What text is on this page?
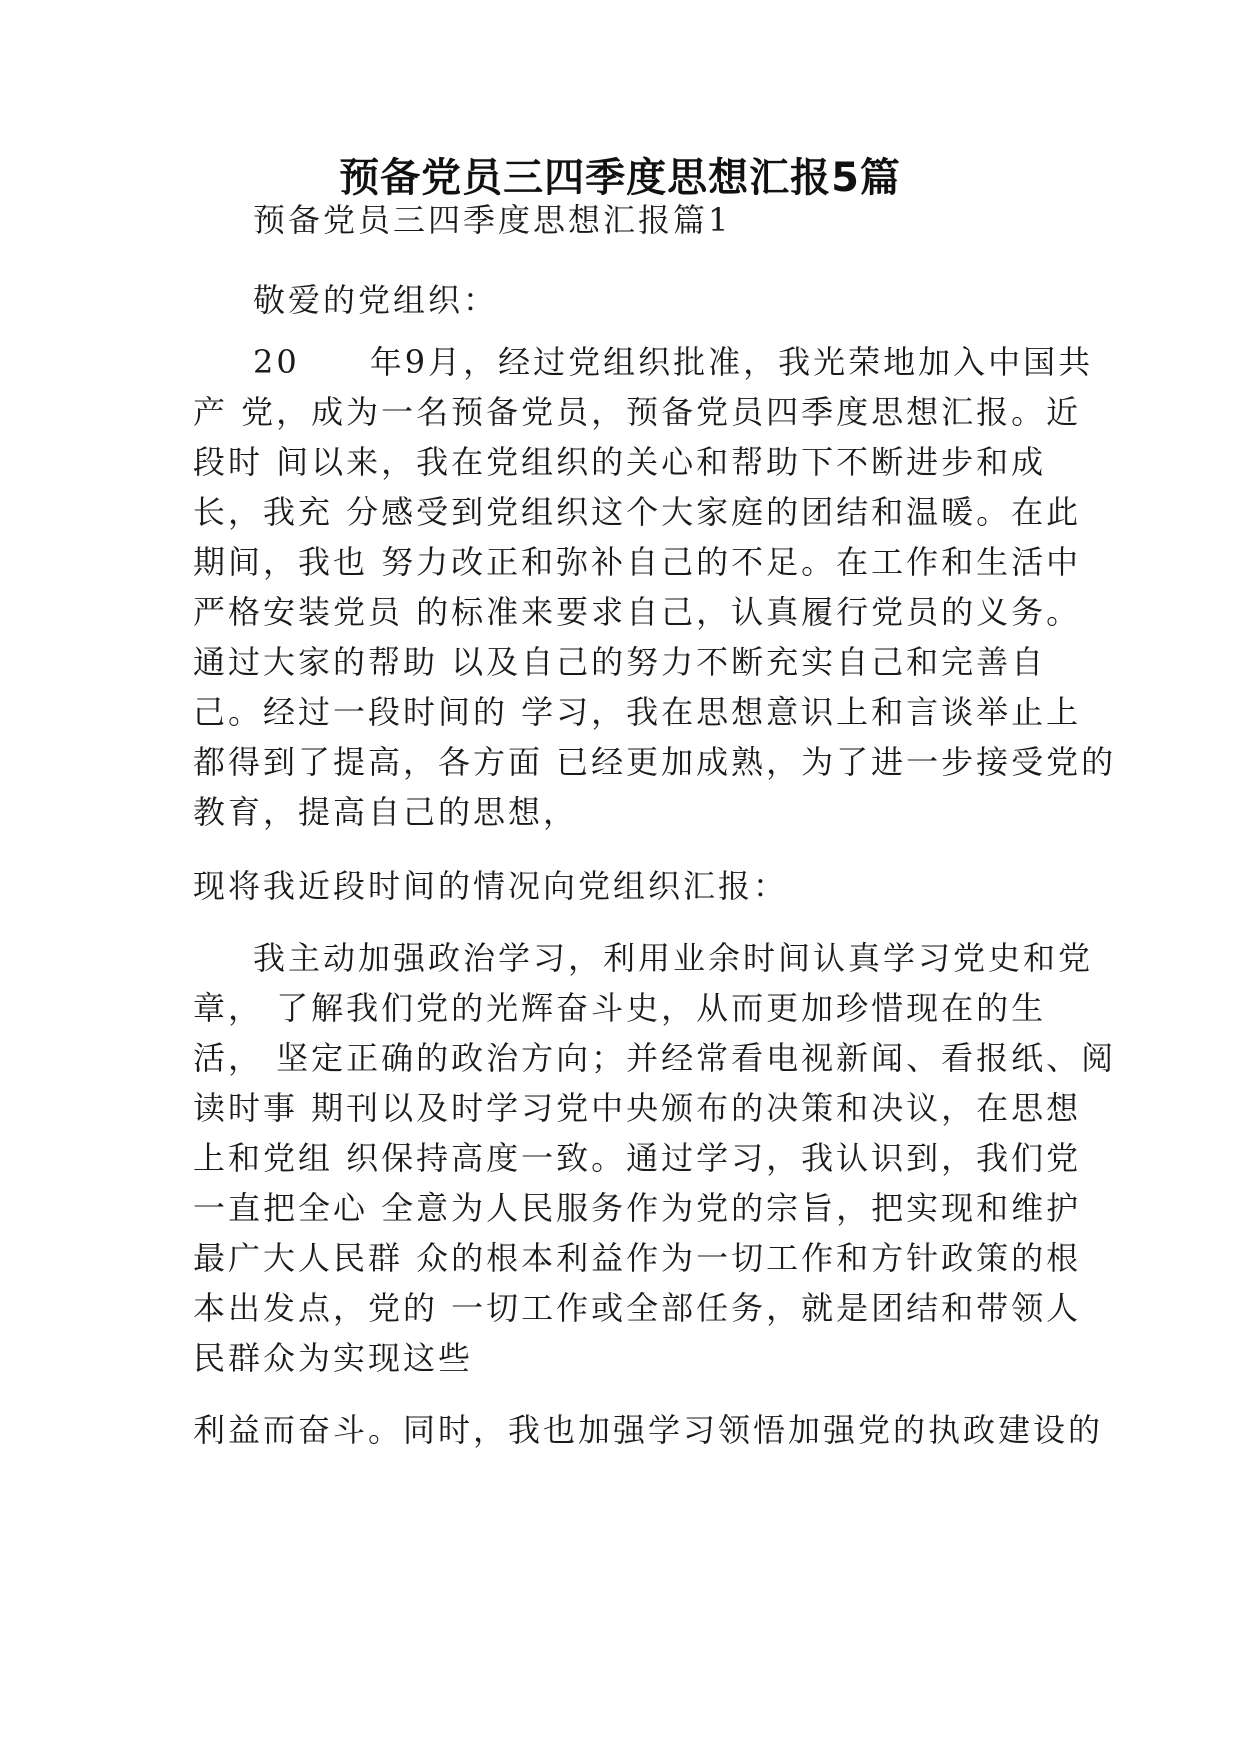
预备党员三四季度思想汇报5篇
预备党员三四季度思想汇报篇1
敬爱的党组织：
20　　年9月，经过党组织批准，我光荣地加入中国共
产 党，成为一名预备党员，预备党员四季度思想汇报。近
段时 间以来，我在党组织的关心和帮助下不断进步和成
长，我充 分感受到党组织这个大家庭的团结和温暖。在此
期间，我也 努力改正和弥补自己的不足。在工作和生活中
严格安装党员 的标准来要求自己，认真履行党员的义务。
通过大家的帮助 以及自己的努力不断充实自己和完善自
己。经过一段时间的 学习，我在思想意识上和言谈举止上
都得到了提高，各方面 已经更加成熟，为了进一步接受党的
教育，提高自己的思想，
现将我近段时间的情况向党组织汇报：
我主动加强政治学习，利用业余时间认真学习党史和党
章， 了解我们党的光辉奋斗史，从而更加珍惜现在的生
活， 坚定正确的政治方向；并经常看电视新闻、看报纸、阅
读时事 期刊以及时学习党中央颁布的决策和决议，在思想
上和党组 织保持高度一致。通过学习，我认识到，我们党
一直把全心 全意为人民服务作为党的宗旨，把实现和维护
最广大人民群 众的根本利益作为一切工作和方针政策的根
本出发点，党的 一切工作或全部任务，就是团结和带领人
民群众为实现这些
利益而奋斗。同时，我也加强学习领悟加强党的执政建设的
